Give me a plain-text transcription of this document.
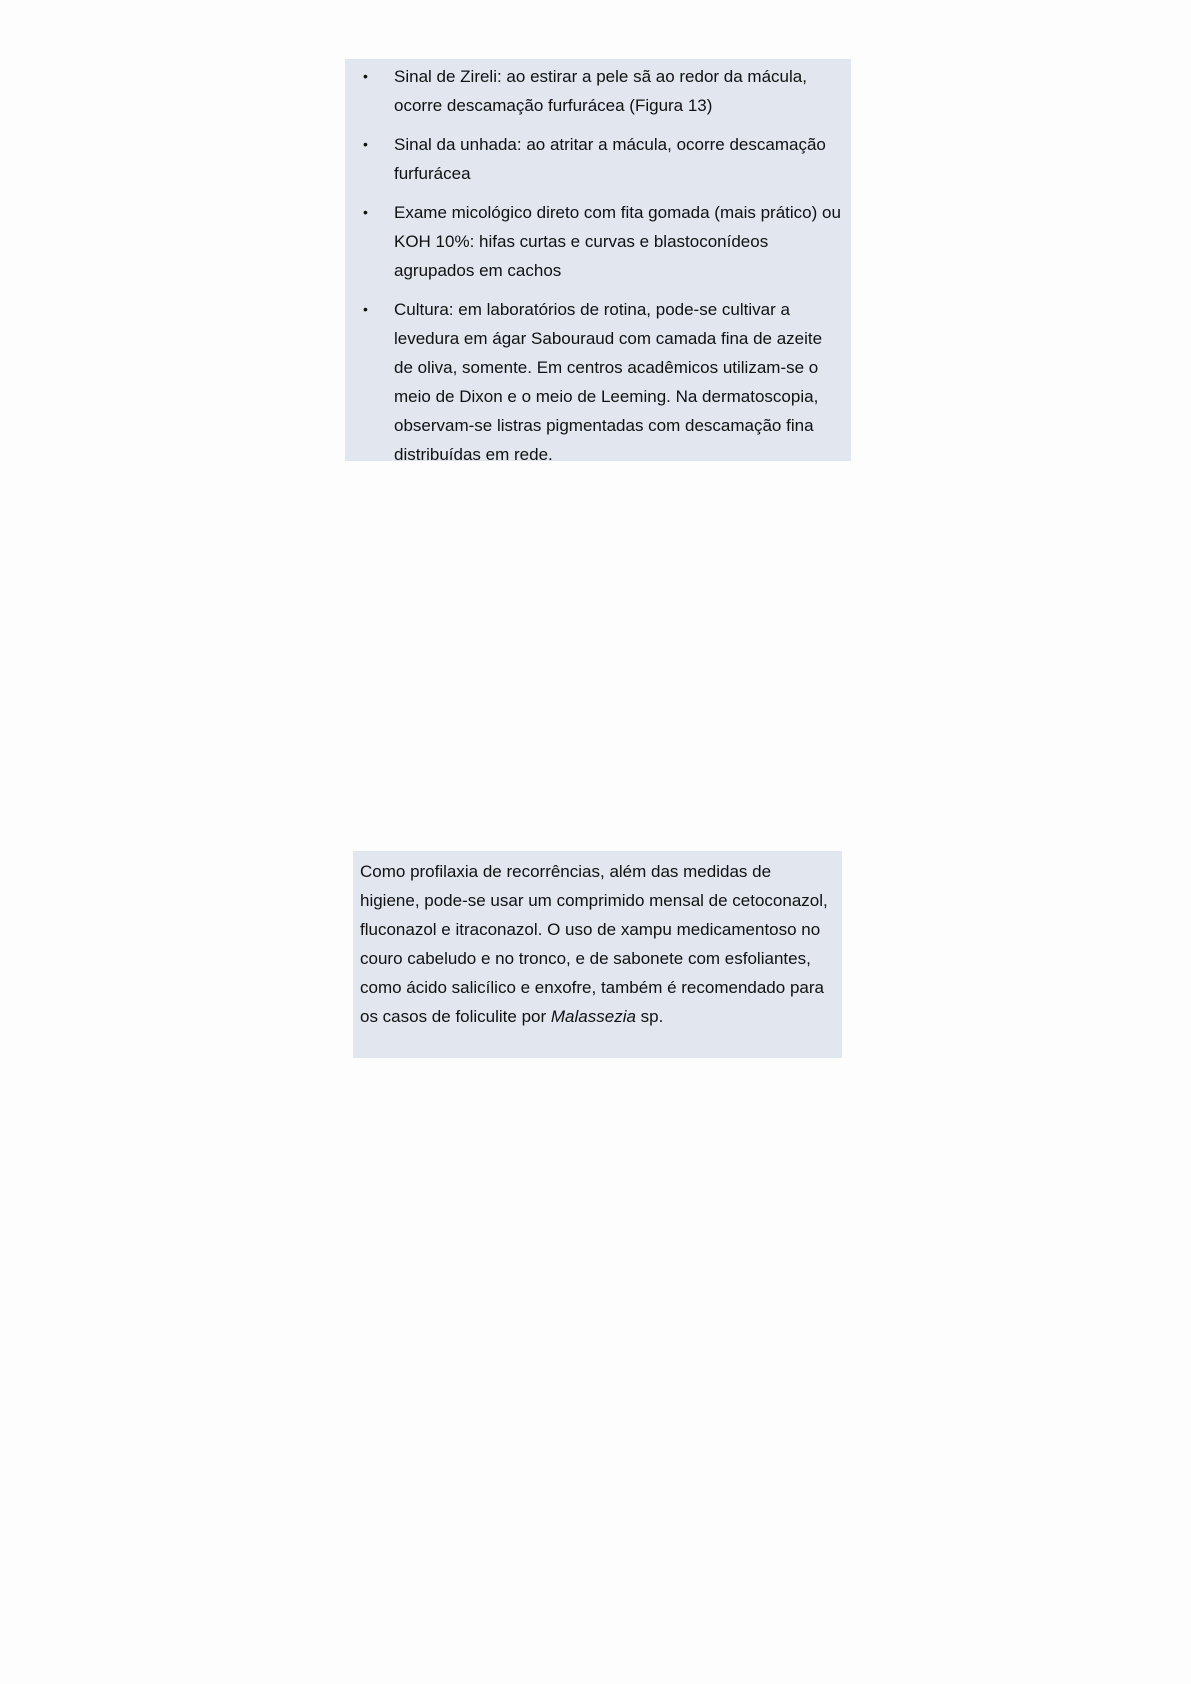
• Sinal de Zireli: ao estirar a pele sã ao redor da mácula, ocorre descamação furfurácea (Figura 13)
• Sinal da unhada: ao atritar a mácula, ocorre descamação furfurácea
• Exame micológico direto com fita gomada (mais prático) ou KOH 10%: hifas curtas e curvas e blastoconídeos agrupados em cachos
• Cultura: em laboratórios de rotina, pode-se cultivar a levedura em ágar Sabouraud com camada fina de azeite de oliva, somente. Em centros acadêmicos utilizam-se o meio de Dixon e o meio de Leeming. Na dermatoscopia, observam-se listras pigmentadas com descamação fina distribuídas em rede.

Como profilaxia de recorrências, além das medidas de higiene, pode-se usar um comprimido mensal de cetoconazol, fluconazol e itraconazol. O uso de xampu medicamentoso no couro cabeludo e no tronco, e de sabonete com esfoliantes, como ácido salicílico e enxofre, também é recomendado para os casos de foliculite por Malassezia sp.
